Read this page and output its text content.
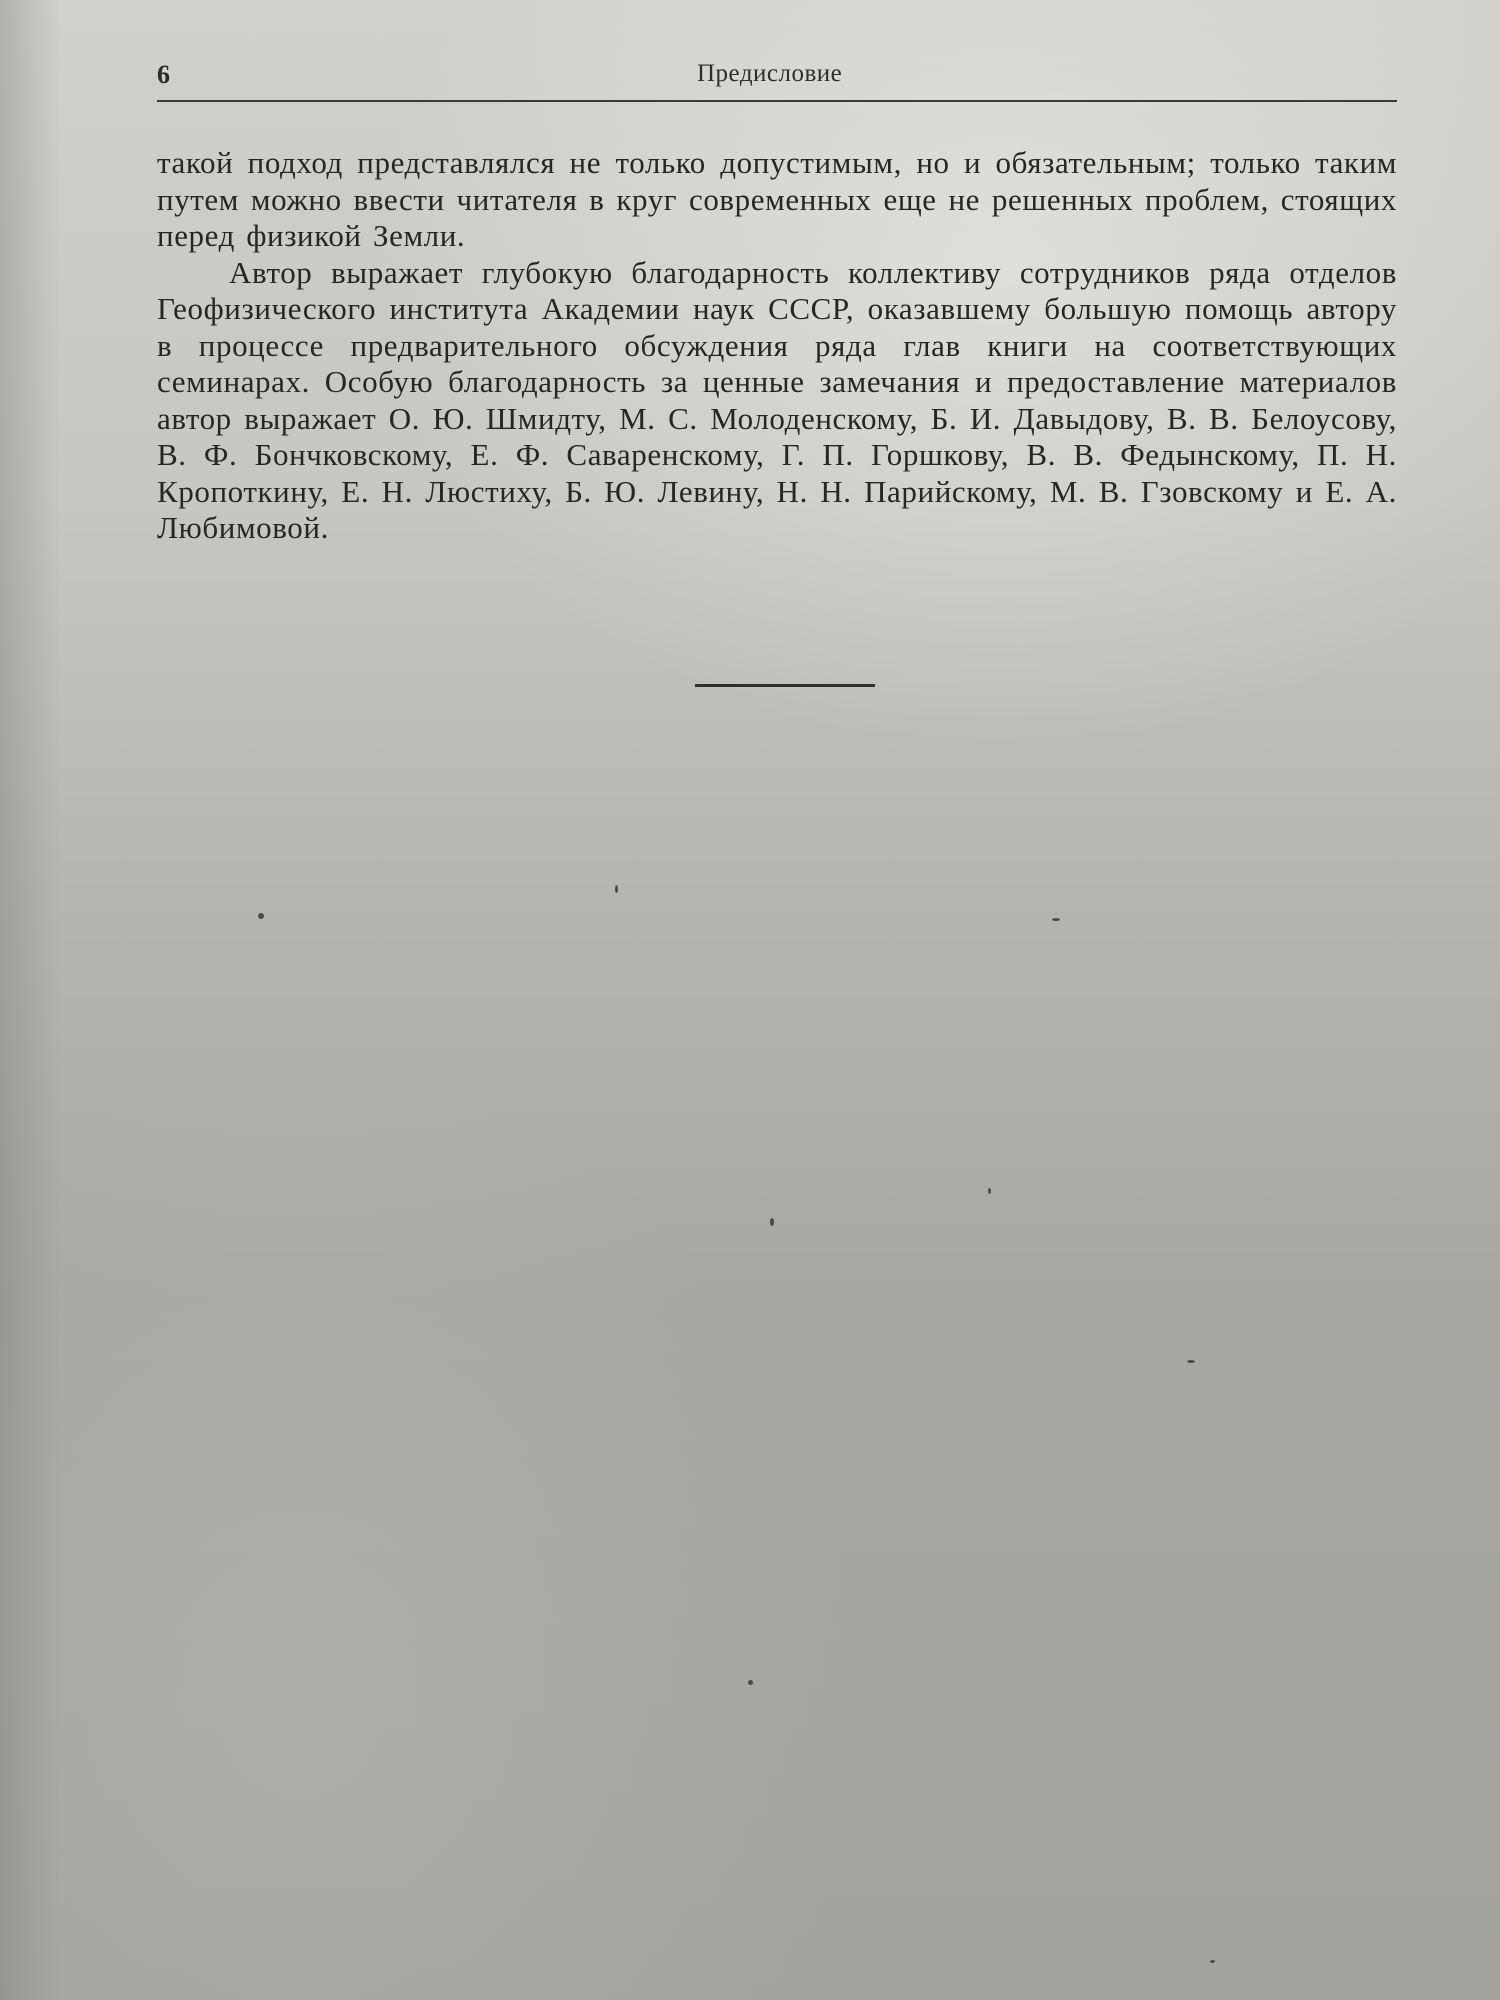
6	Предисловие

такой подход представлялся не только допустимым, но и обязательным; только таким путем можно ввести читателя в круг современных еще не решенных проблем, стоящих перед физикой Земли.

Автор выражает глубокую благодарность коллективу сотрудников ряда отделов Геофизического института Академии наук СССР, оказавшему большую помощь автору в процессе предварительного обсуждения ряда глав книги на соответствующих семинарах. Особую благодарность за ценные замечания и предоставление материалов автор выражает О. Ю. Шмидту, М. С. Молоденскому, Б. И. Давыдову, В. В. Белоусову, В. Ф. Бончковскому, Е. Ф. Саваренскому, Г. П. Горшкову, В. В. Федынскому, П. Н. Кропоткину, Е. Н. Люстиху, Б. Ю. Левину, Н. Н. Парийскому, М. В. Гзовскому и Е. А. Любимовой.
